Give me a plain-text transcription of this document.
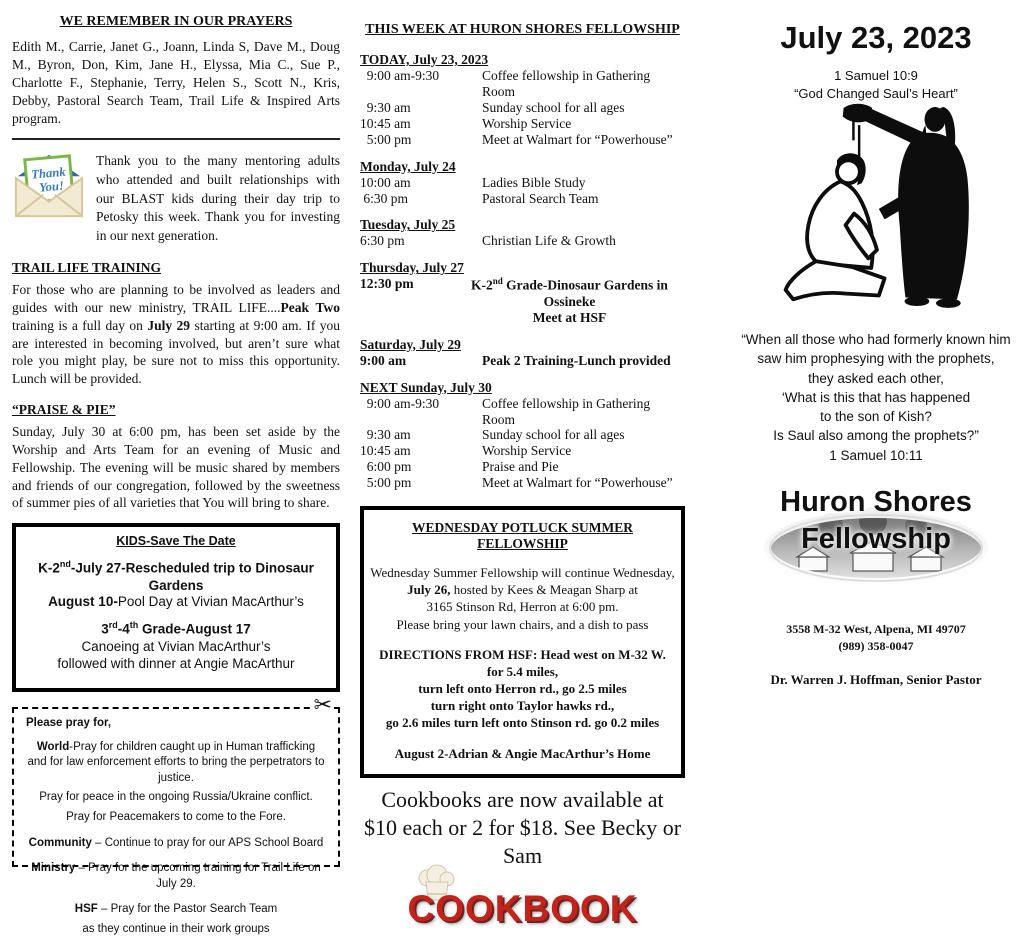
WE REMEMBER IN OUR PRAYERS

Edith M., Carrie, Janet G., Joann, Linda S, Dave M., Doug M., Byron, Don, Kim, Jane H., Elyssa, Mia C., Sue P., Charlotte F., Stephanie, Terry, Helen S., Scott N., Kris, Debby, Pastoral Search Team, Trail Life & Inspired Arts program.

Thank
You!

Thank you to the many mentoring adults who attended and built relationships with our BLAST kids during their day trip to Petosky this week. Thank you for investing in our next generation.

TRAIL LIFE TRAINING

For those who are planning to be involved as leaders and guides with our new ministry, TRAIL LIFE....Peak Two training is a full day on July 29 starting at 9:00 am. If you are interested in becoming involved, but aren’t sure what role you might play, be sure not to miss this opportunity. Lunch will be provided.

“PRAISE & PIE”

Sunday, July 30 at 6:00 pm, has been set aside by the Worship and Arts Team for an evening of Music and Fellowship. The evening will be music shared by members and friends of our congregation, followed by the sweetness of summer pies of all varieties that You will bring to share.

KIDS-Save The Date
K-2nd-July 27-Rescheduled trip to Dinosaur Gardens
August 10-Pool Day at Vivian MacArthur’s
3rd-4th Grade-August 17
Canoeing at Vivian MacArthur’s
followed with dinner at Angie MacArthur
✂
Please pray for,

World-Pray for children caught up in Human trafficking and for law enforcement efforts to bring the perpetrators to justice.

Pray for peace in the ongoing Russia/Ukraine conflict.

Pray for Peacemakers to come to the Fore.

Community – Continue to pray for our APS School Board

Ministry – Pray for the upcoming training for Trail Life on July 29.

HSF – Pray for the Pastor Search Team

as they continue in their work groups

THIS WEEK AT HURON SHORES FELLOWSHIP
TODAY, July 23, 2023
9:00 am-9:30	Coffee fellowship in Gathering Room
9:30 am	Sunday school for all ages
10:45 am	Worship Service
5:00 pm	Meet at Walmart for “Powerhouse”
Monday, July 24
10:00 am	Ladies Bible Study
6:30 pm	Pastoral Search Team
Tuesday, July 25
6:30 pm	Christian Life & Growth
Thursday, July 27
12:30 pm	K-2nd Grade-Dinosaur Gardens in Ossineke
Meet at HSF
Saturday, July 29
9:00 am	Peak 2 Training-Lunch provided
NEXT Sunday, July 30
9:00 am-9:30	Coffee fellowship in Gathering Room
9:30 am	Sunday school for all ages
10:45 am	Worship Service
6:00 pm	Praise and Pie
5:00 pm	Meet at Walmart for “Powerhouse”
WEDNESDAY POTLUCK SUMMER FELLOWSHIP

Wednesday Summer Fellowship will continue Wednesday,

July 26, hosted by Kees & Meagan Sharp at

3165 Stinson Rd, Herron at 6:00 pm.

Please bring your lawn chairs, and a dish to pass

DIRECTIONS FROM HSF: Head west on M-32 W. for 5.4 miles,

turn left onto Herron rd., go 2.5 miles

turn right onto Taylor hawks rd.,

go 2.6 miles turn left onto Stinson rd. go 0.2 miles

August 2-Adrian & Angie MacArthur’s Home

Cookbooks are now available at
$10 each or 2 for $18. See Becky or Sam
COOKBOOK
July 23, 2023
1 Samuel 10:9
“God Changed Saul’s Heart”
“When all those who had formerly known him
saw him prophesying with the prophets,
they asked each other,
‘What is this that has happened
to the son of Kish?
Is Saul also among the prophets?”
1 Samuel 10:11
Huron Shores
Fellowship
3558 M-32 West, Alpena, MI 49707
(989) 358-0047
Dr. Warren J. Hoffman, Senior Pastor
